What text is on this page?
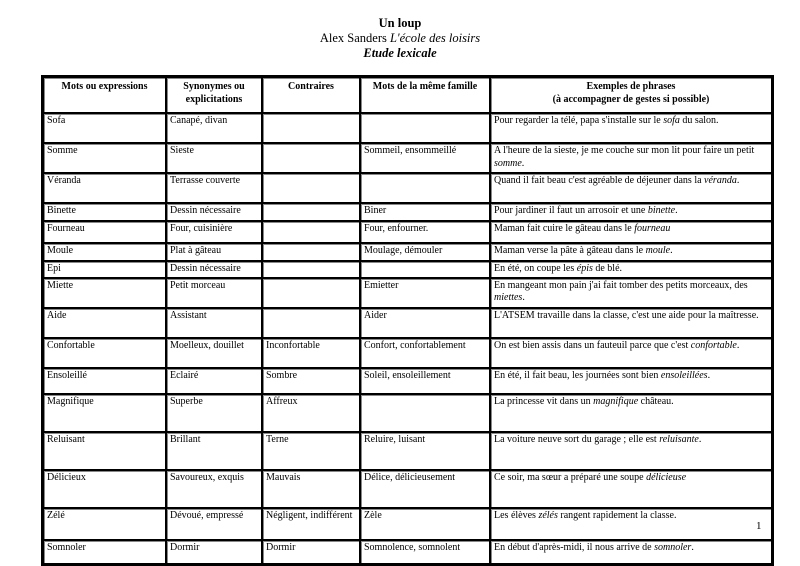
Un loup
Alex Sanders L'école des loisirs
Etude lexicale
Mots ou expressions	Synonymes ou explicitations	Contraires	Mots de la même famille	Exemples de phrases
(à accompagner de gestes si possible)
Sofa	Canapé, divan			Pour regarder la télé, papa s'installe sur le sofa du salon.
Somme	Sieste		Sommeil, ensommeillé	A l'heure de la sieste, je me couche sur mon lit pour faire un petit somme.
Véranda	Terrasse couverte			Quand il fait beau c'est agréable de déjeuner dans la véranda.
Binette	Dessin nécessaire		Biner	Pour jardiner il faut un arrosoir et une binette.
Fourneau	Four, cuisinière		Four, enfourner.	Maman fait cuire le gâteau dans le fourneau
Moule	Plat à gâteau		Moulage, démouler	Maman verse la pâte à gâteau dans le moule.
Epi	Dessin nécessaire			En été, on coupe les épis de blé.
Miette	Petit morceau		Emietter	En mangeant mon pain j'ai fait tomber des petits morceaux, des miettes.
Aide	Assistant		Aider	L'ATSEM travaille dans la classe, c'est une aide pour la maîtresse.
Confortable	Moelleux, douillet	Inconfortable	Confort, confortablement	On est bien assis dans un fauteuil parce que c'est confortable.
Ensoleillé	Eclairé	Sombre	Soleil, ensoleillement	En été, il fait beau, les journées sont bien ensoleillées.
Magnifique	Superbe	Affreux		La princesse vit dans un magnifique château.
Reluisant	Brillant	Terne	Reluire, luisant	La voiture neuve sort du garage ; elle est reluisante.
Délicieux	Savoureux, exquis	Mauvais	Délice, délicieusement	Ce soir, ma sœur a préparé une soupe délicieuse
Zélé	Dévoué, empressé	Négligent, indifférent	Zèle	Les élèves zélés rangent rapidement la classe.
Somnoler	Dormir	Dormir	Somnolence, somnolent	En début d'après-midi, il nous arrive de somnoler.
1
